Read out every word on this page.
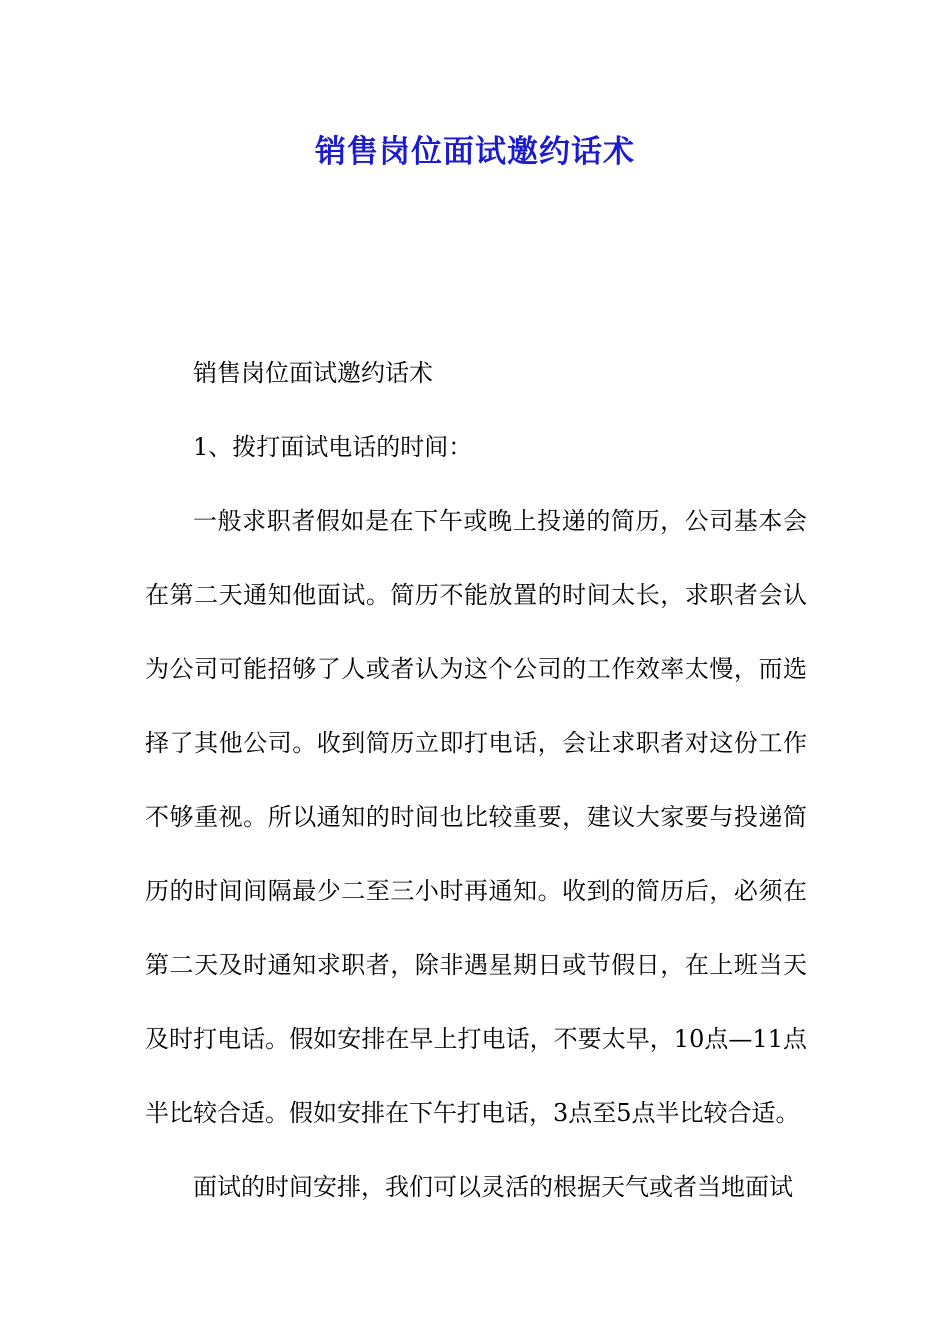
销售岗位面试邀约话术

销售岗位面试邀约话术

1、拨打面试电话的时间：

一般求职者假如是在下午或晚上投递的简历，公司基本会在第二天通知他面试。简历不能放置的时间太长，求职者会认为公司可能招够了人或者认为这个公司的工作效率太慢，而选择了其他公司。收到简历立即打电话，会让求职者对这份工作不够重视。所以通知的时间也比较重要，建议大家要与投递简历的时间间隔最少二至三小时再通知。收到的简历后，必须在第二天及时通知求职者，除非遇星期日或节假日，在上班当天及时打电话。假如安排在早上打电话，不要太早，10点—11点半比较合适。假如安排在下午打电话，3点至5点半比较合适。

面试的时间安排，我们可以灵活的根据天气或者当地面试
